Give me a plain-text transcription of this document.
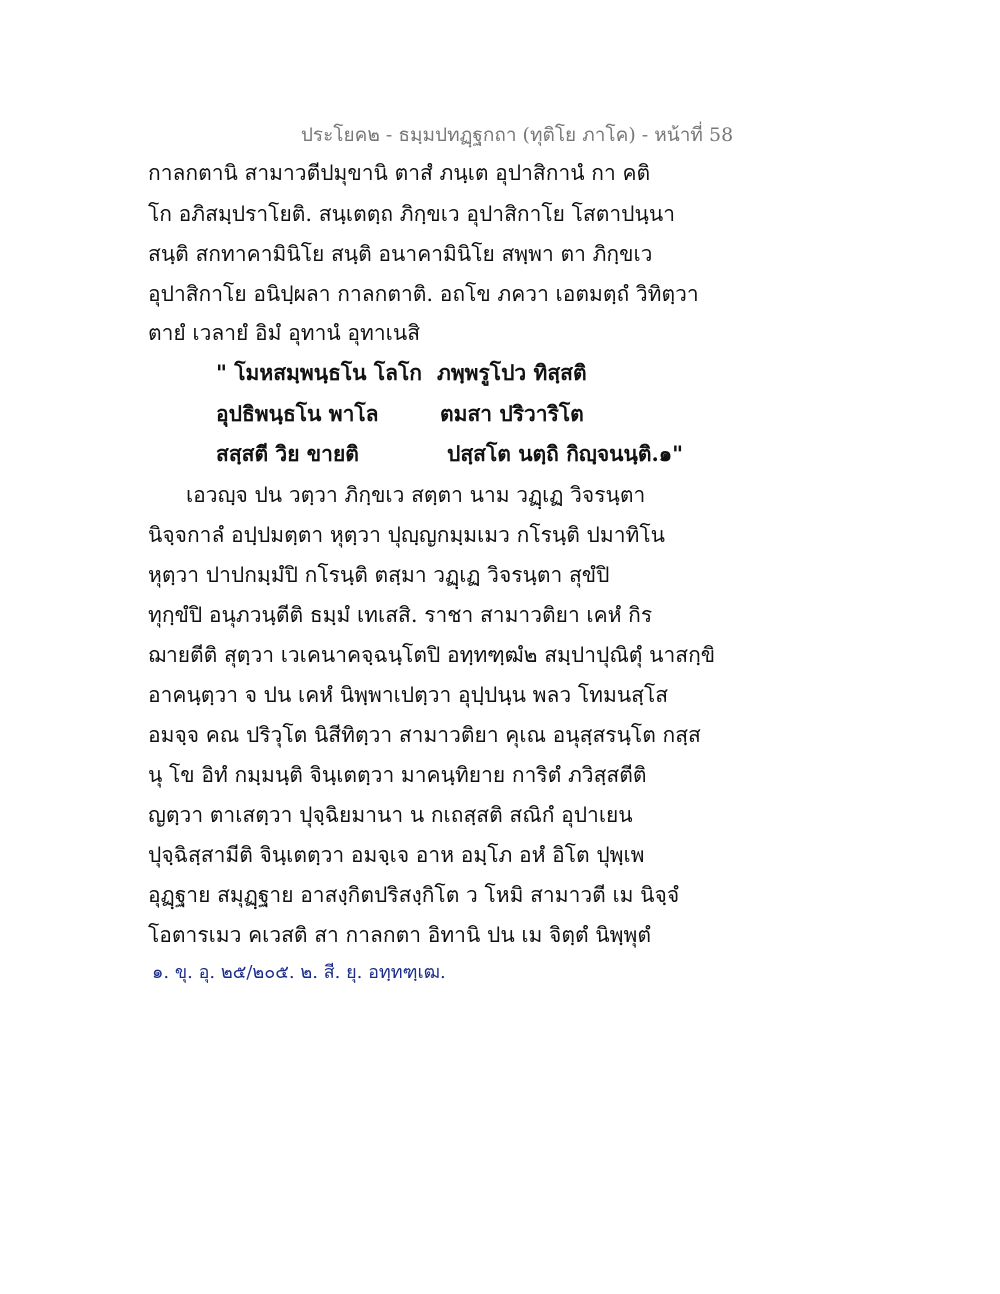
ประโยค๒ - ธมฺมปทฏฺฐกถา (ทุติโย ภาโค) - หน้าที่ 58
กาลกตานิ สามาวตีปมุขานิ ตาสํ ภนฺเต อุปาสิกานํ กา คติ
โก อภิสมฺปราโยติ. สนฺเตตฺถ ภิกฺขเว อุปาสิกาโย โสตาปนฺนา
สนฺติ สกทาคามินิโย สนฺติ อนาคามินิโย สพฺพา ตา ภิกฺขเว
อุปาสิกาโย อนิปฺผลา กาลกตาติ. อถโข ภควา เอตมตฺถํ วิทิตฺวา
ตายํ เวลายํ อิมํ อุทานํ อุทาเนสิ
" โมหสมฺพนฺธโน โลโก ภพฺพรูโปว ทิสฺสติ
อุปธิพนฺธโน พาโล	ตมสา ปริวาริโต
สสฺสตี วิย ขายติ	ปสฺสโต นตฺถิ กิญฺจนนฺติ.๑"
เอวญฺจ ปน วตฺวา ภิกฺขเว สตฺตา นาม วฏฺเฏ วิจรนฺตา
นิจฺจกาลํ อปฺปมตฺตา หุตฺวา ปุญฺญกมฺมเมว กโรนฺติ ปมาทิโน
หุตฺวา ปาปกมฺมํปิ กโรนฺติ ตสฺมา วฏฺเฏ วิจรนฺตา สุขํปิ
ทุกฺขํปิ อนุภวนฺตีติ ธมฺมํ เทเสสิ. ราชา สามาวติยา เคหํ กิร
ฌายตีติ สุตฺวา เวเคนาคจฺฉนฺโตปิ อทฺทฑฺฒํ๒ สมฺปาปุณิตุํ นาสกฺขิ
อาคนฺตฺวา จ ปน เคหํ นิพฺพาเปตฺวา อุปฺปนฺน พลว โทมนสฺโส
อมจฺจ คณ ปริวุโต นิสีทิตฺวา สามาวติยา คุเณ อนุสฺสรนฺโต กสฺส
นุ โข อิทํ กมฺมนฺติ จินฺเตตฺวา มาคนฺทิยาย การิตํ ภวิสฺสตีติ
ญตฺวา ตาเสตฺวา ปุจฺฉิยมานา น กเถสฺสติ สณิกํ อุปาเยน
ปุจฺฉิสฺสามีติ จินฺเตตฺวา อมจฺเจ อาห อมฺโภ อหํ อิโต ปุพฺเพ
อุฏฺฐาย สมุฏฺฐาย อาสงฺกิตปริสงฺกิโต ว โหมิ สามาวตี เม นิจฺจํ
โอตารเมว คเวสติ สา กาลกตา อิทานิ ปน เม จิตฺตํ นิพฺพุตํ
๑. ขุ. อุ. ๒๕/๒๐๕. ๒. สี. ยุ. อทฺทฑฺเฒ.
